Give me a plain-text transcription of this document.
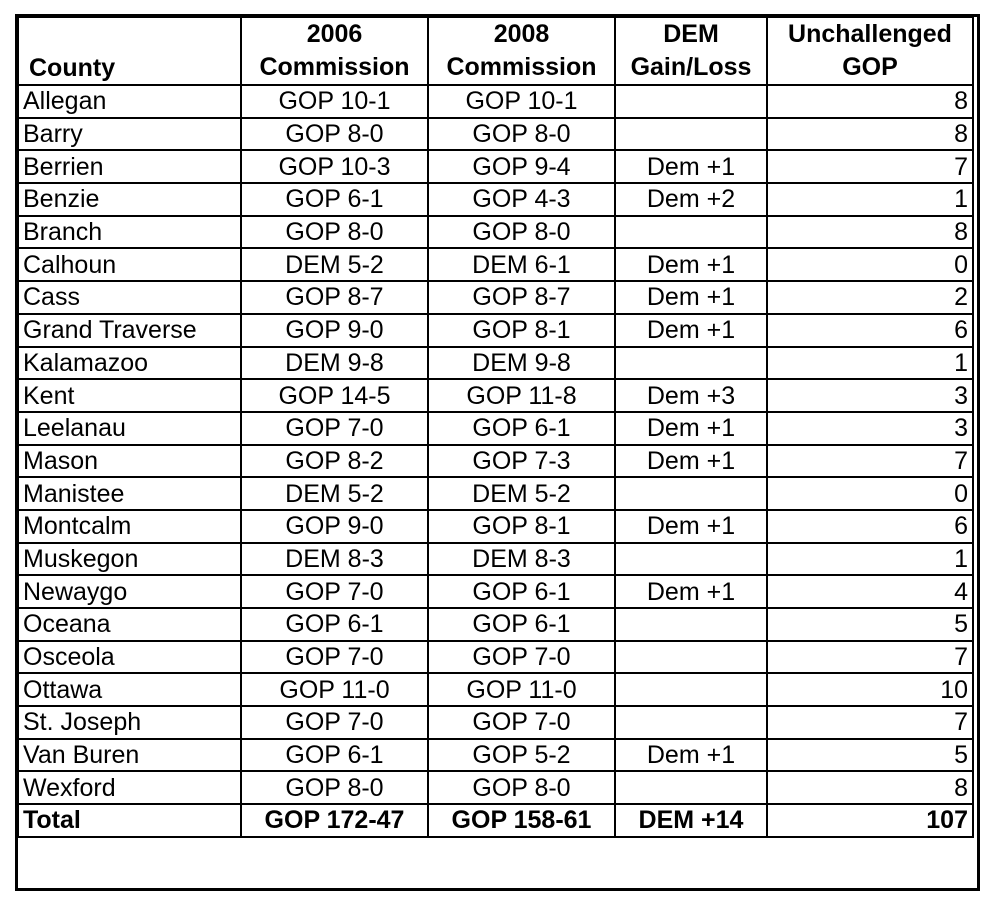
	2006	2008	DEM	Unchallenged
County	Commission	Commission	Gain/Loss	GOP
Allegan	GOP 10-1	GOP 10-1		8
Barry	GOP 8-0	GOP 8-0		8
Berrien	GOP 10-3	GOP 9-4	Dem +1	7
Benzie	GOP 6-1	GOP 4-3	Dem +2	1
Branch	GOP 8-0	GOP 8-0		8
Calhoun	DEM 5-2	DEM 6-1	Dem +1	0
Cass	GOP 8-7	GOP 8-7	Dem +1	2
Grand Traverse	GOP 9-0	GOP 8-1	Dem +1	6
Kalamazoo	DEM 9-8	DEM 9-8		1
Kent	GOP 14-5	GOP 11-8	Dem +3	3
Leelanau	GOP 7-0	GOP 6-1	Dem +1	3
Mason	GOP 8-2	GOP 7-3	Dem +1	7
Manistee	DEM 5-2	DEM 5-2		0
Montcalm	GOP 9-0	GOP 8-1	Dem +1	6
Muskegon	DEM 8-3	DEM 8-3		1
Newaygo	GOP 7-0	GOP 6-1	Dem +1	4
Oceana	GOP 6-1	GOP 6-1		5
Osceola	GOP 7-0	GOP 7-0		7
Ottawa	GOP 11-0	GOP 11-0		10
St. Joseph	GOP 7-0	GOP 7-0		7
Van Buren	GOP 6-1	GOP 5-2	Dem +1	5
Wexford	GOP 8-0	GOP 8-0		8
Total	GOP 172-47	GOP 158-61	DEM +14	107
